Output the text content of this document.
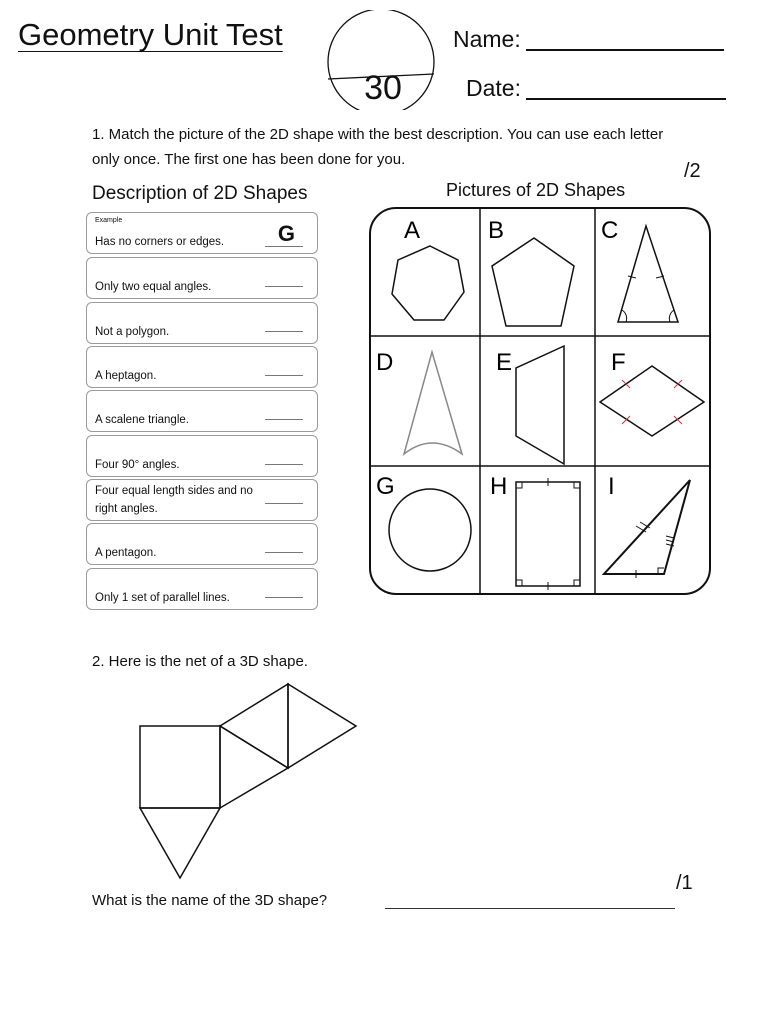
Geometry Unit Test
30
Name:
Date:
1. Match the picture of the 2D shape with the best description. You can use each letter only once. The first one has been done for you.
/2
Description of 2D Shapes	Pictures of 2D Shapes
Example
Has no corners or edges. G
Only two equal angles.
Not a polygon.
A heptagon.
A scalene triangle.
Four 90° angles.
Four equal length sides and no right angles.
A pentagon.
Only 1 set of parallel lines.
A	B	C
D	E	F
G	H	I
2. Here is the net of a 3D shape.
What is the name of the 3D shape?
/1
